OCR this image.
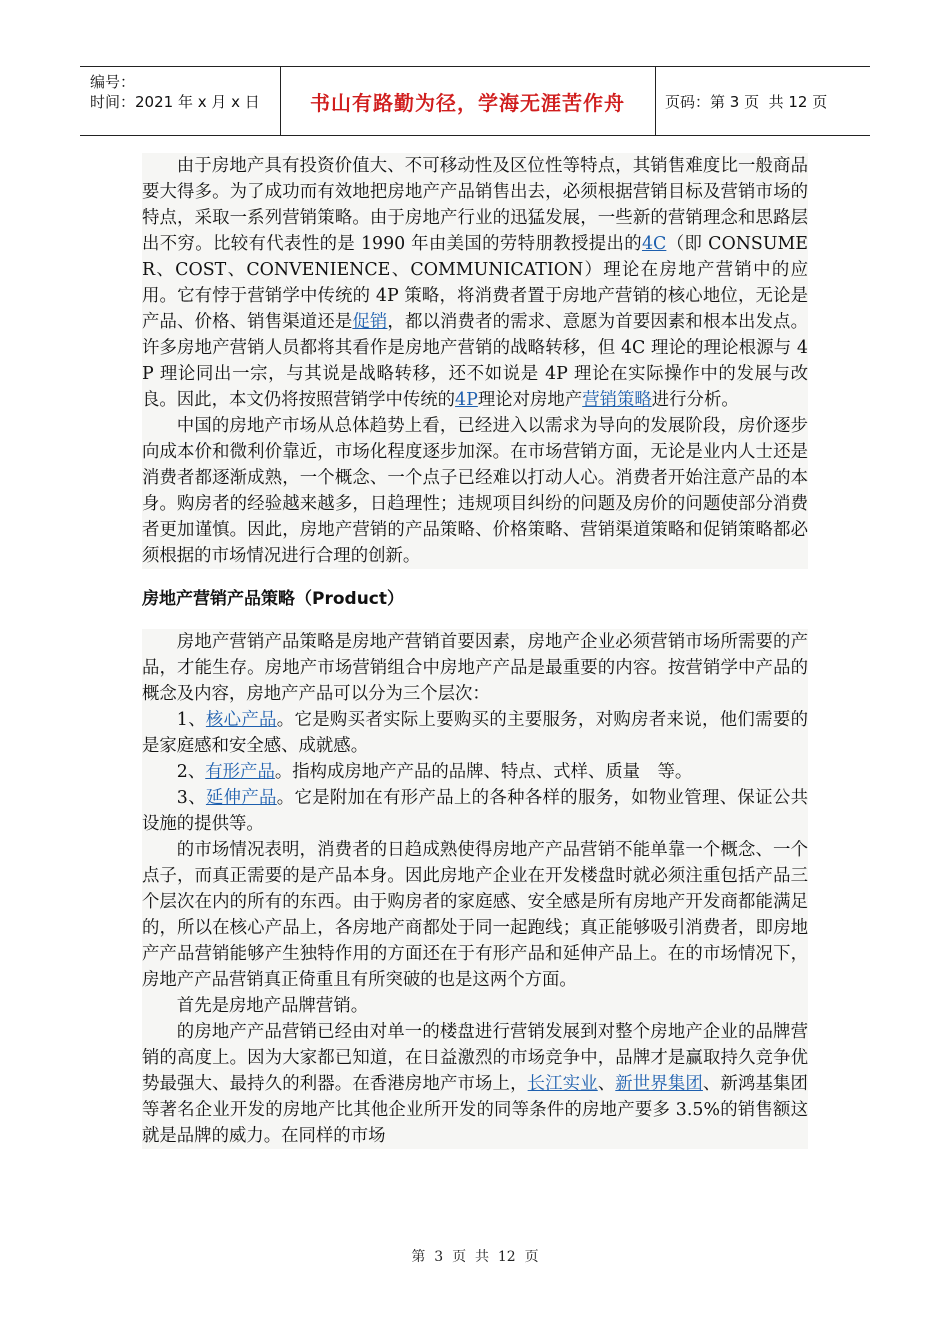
编号：
时间：2021 年 x 月 x 日	书山有路勤为径，学海无涯苦作舟	页码：第 3 页  共 12 页

由于房地产具有投资价值大、不可移动性及区位性等特点，其销售难度比一般商品要大得多。为了成功而有效地把房地产产品销售出去，必须根据营销目标及营销市场的特点，采取一系列营销策略。由于房地产行业的迅猛发展，一些新的营销理念和思路层出不穷。比较有代表性的是 1990 年由美国的劳特朋教授提出的4C（即 CONSUMER、COST、CONVENIENCE、COMMUNICATION）理论在房地产营销中的应用。它有悖于营销学中传统的 4P 策略，将消费者置于房地产营销的核心地位，无论是产品、价格、销售渠道还是促销，都以消费者的需求、意愿为首要因素和根本出发点。许多房地产营销人员都将其看作是房地产营销的战略转移，但 4C 理论的理论根源与 4P 理论同出一宗，与其说是战略转移，还不如说是 4P 理论在实际操作中的发展与改良。因此，本文仍将按照营销学中传统的4P理论对房地产营销策略进行分析。

中国的房地产市场从总体趋势上看，已经进入以需求为导向的发展阶段，房价逐步向成本价和微利价靠近，市场化程度逐步加深。在市场营销方面，无论是业内人士还是消费者都逐渐成熟，一个概念、一个点子已经难以打动人心。消费者开始注意产品的本身。购房者的经验越来越多，日趋理性；违规项目纠纷的问题及房价的问题使部分消费者更加谨慎。因此，房地产营销的产品策略、价格策略、营销渠道策略和促销策略都必须根据的市场情况进行合理的创新。

房地产营销产品策略（Product）

房地产营销产品策略是房地产营销首要因素，房地产企业必须营销市场所需要的产品，才能生存。房地产市场营销组合中房地产产品是最重要的内容。按营销学中产品的概念及内容，房地产产品可以分为三个层次：

1、核心产品。它是购买者实际上要购买的主要服务，对购房者来说，他们需要的是家庭感和安全感、成就感。

2、有形产品。指构成房地产产品的品牌、特点、式样、质量　等。

3、延伸产品。它是附加在有形产品上的各种各样的服务，如物业管理、保证公共设施的提供等。

的市场情况表明，消费者的日趋成熟使得房地产产品营销不能单靠一个概念、一个点子，而真正需要的是产品本身。因此房地产企业在开发楼盘时就必须注重包括产品三个层次在内的所有的东西。由于购房者的家庭感、安全感是所有房地产开发商都能满足的，所以在核心产品上，各房地产商都处于同一起跑线；真正能够吸引消费者，即房地产产品营销能够产生独特作用的方面还在于有形产品和延伸产品上。在的市场情况下，房地产产品营销真正倚重且有所突破的也是这两个方面。

首先是房地产品牌营销。

的房地产产品营销已经由对单一的楼盘进行营销发展到对整个房地产企业的品牌营销的高度上。因为大家都已知道，在日益激烈的市场竞争中，品牌才是赢取持久竞争优势最强大、最持久的利器。在香港房地产市场上，长江实业、新世界集团、新鸿基集团等著名企业开发的房地产比其他企业所开发的同等条件的房地产要多 3.5%的销售额这就是品牌的威力。在同样的市场

第  3  页  共  12  页
